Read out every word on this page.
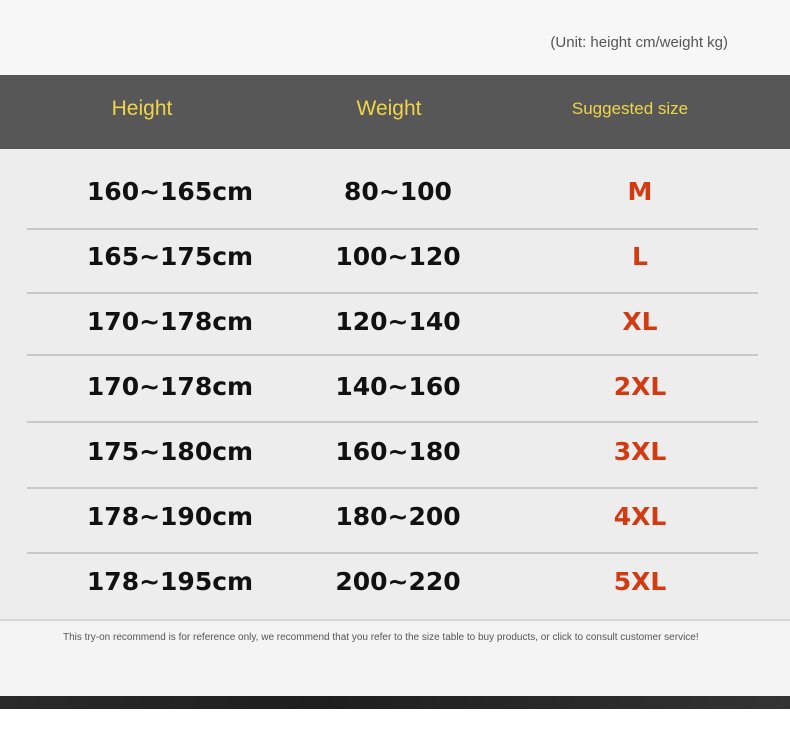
(Unit: height cm/weight kg)
Height	Weight	Suggested size
160~165cm	80~100	M
165~175cm	100~120	L
170~178cm	120~140	XL
170~178cm	140~160	2XL
175~180cm	160~180	3XL
178~190cm	180~200	4XL
178~195cm	200~220	5XL
This try-on recommend is for reference only, we recommend that you refer to the size table to buy products, or click to consult customer service!
